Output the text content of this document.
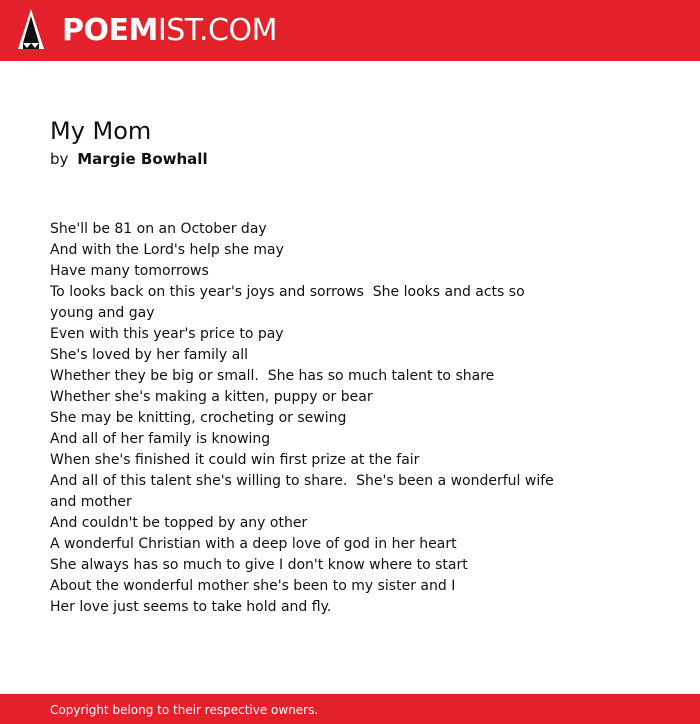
POEMIST.COM
My Mom
by Margie Bowhall
She'll be 81 on an October day
And with the Lord's help she may
Have many tomorrows
To looks back on this year's joys and sorrows  She looks and acts so young and gay
Even with this year's price to pay
She's loved by her family all
Whether they be big or small.  She has so much talent to share
Whether she's making a kitten, puppy or bear
She may be knitting, crocheting or sewing
And all of her family is knowing
When she's finished it could win first prize at the fair
And all of this talent she's willing to share.  She's been a wonderful wife and mother
And couldn't be topped by any other
A wonderful Christian with a deep love of god in her heart
She always has so much to give I don't know where to start
About the wonderful mother she's been to my sister and I
Her love just seems to take hold and fly.
Copyright belong to their respective owners.
